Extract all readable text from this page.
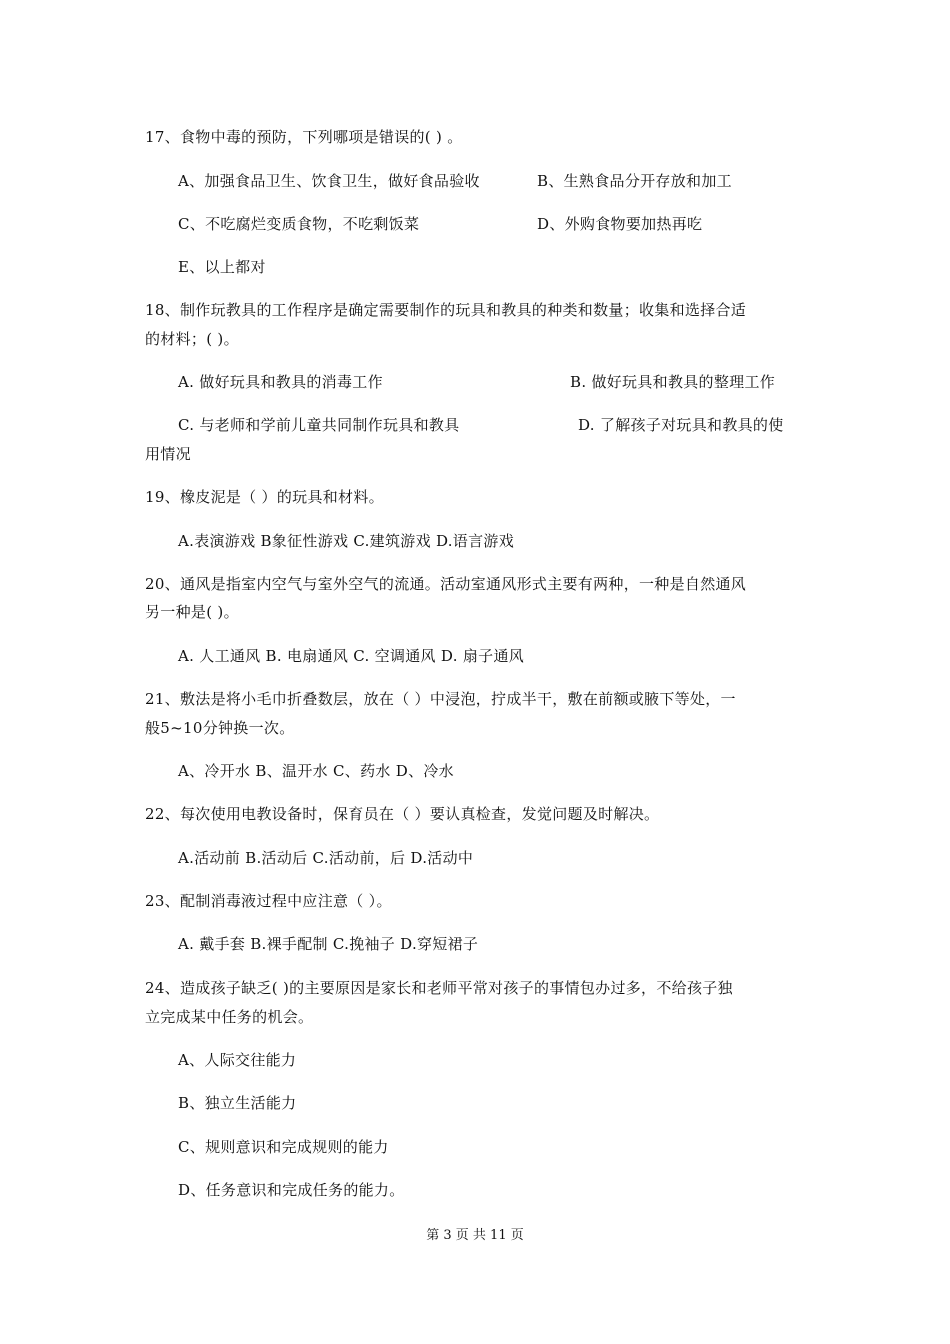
17、食物中毒的预防，下列哪项是错误的( ) 。
A、加强食品卫生、饮食卫生，做好食品验收	B、生熟食品分开存放和加工
C、不吃腐烂变质食物，不吃剩饭菜	D、外购食物要加热再吃
E、以上都对
18、制作玩教具的工作程序是确定需要制作的玩具和教具的种类和数量；收集和选择合适
的材料；( )。
A. 做好玩具和教具的消毒工作	B. 做好玩具和教具的整理工作
C. 与老师和学前儿童共同制作玩具和教具	D. 了解孩子对玩具和教具的使
用情况
19、橡皮泥是（ ）的玩具和材料。
A.表演游戏 B象征性游戏 C.建筑游戏 D.语言游戏
20、通风是指室内空气与室外空气的流通。活动室通风形式主要有两种，一种是自然通风
另一种是( )。
A. 人工通风 B. 电扇通风 C. 空调通风 D. 扇子通风
21、敷法是将小毛巾折叠数层，放在（ ）中浸泡，拧成半干，敷在前额或腋下等处，一
般5~10分钟换一次。
A、冷开水 B、温开水 C、药水 D、冷水
22、每次使用电教设备时，保育员在（ ）要认真检查，发觉问题及时解决。
A.活动前 B.活动后 C.活动前，后 D.活动中
23、配制消毒液过程中应注意（ ）。
A. 戴手套 B.裸手配制 C.挽袖子 D.穿短裙子
24、造成孩子缺乏( )的主要原因是家长和老师平常对孩子的事情包办过多，不给孩子独
立完成某中任务的机会。
A、人际交往能力
B、独立生活能力
C、规则意识和完成规则的能力
D、任务意识和完成任务的能力。
第 3 页 共 11 页
